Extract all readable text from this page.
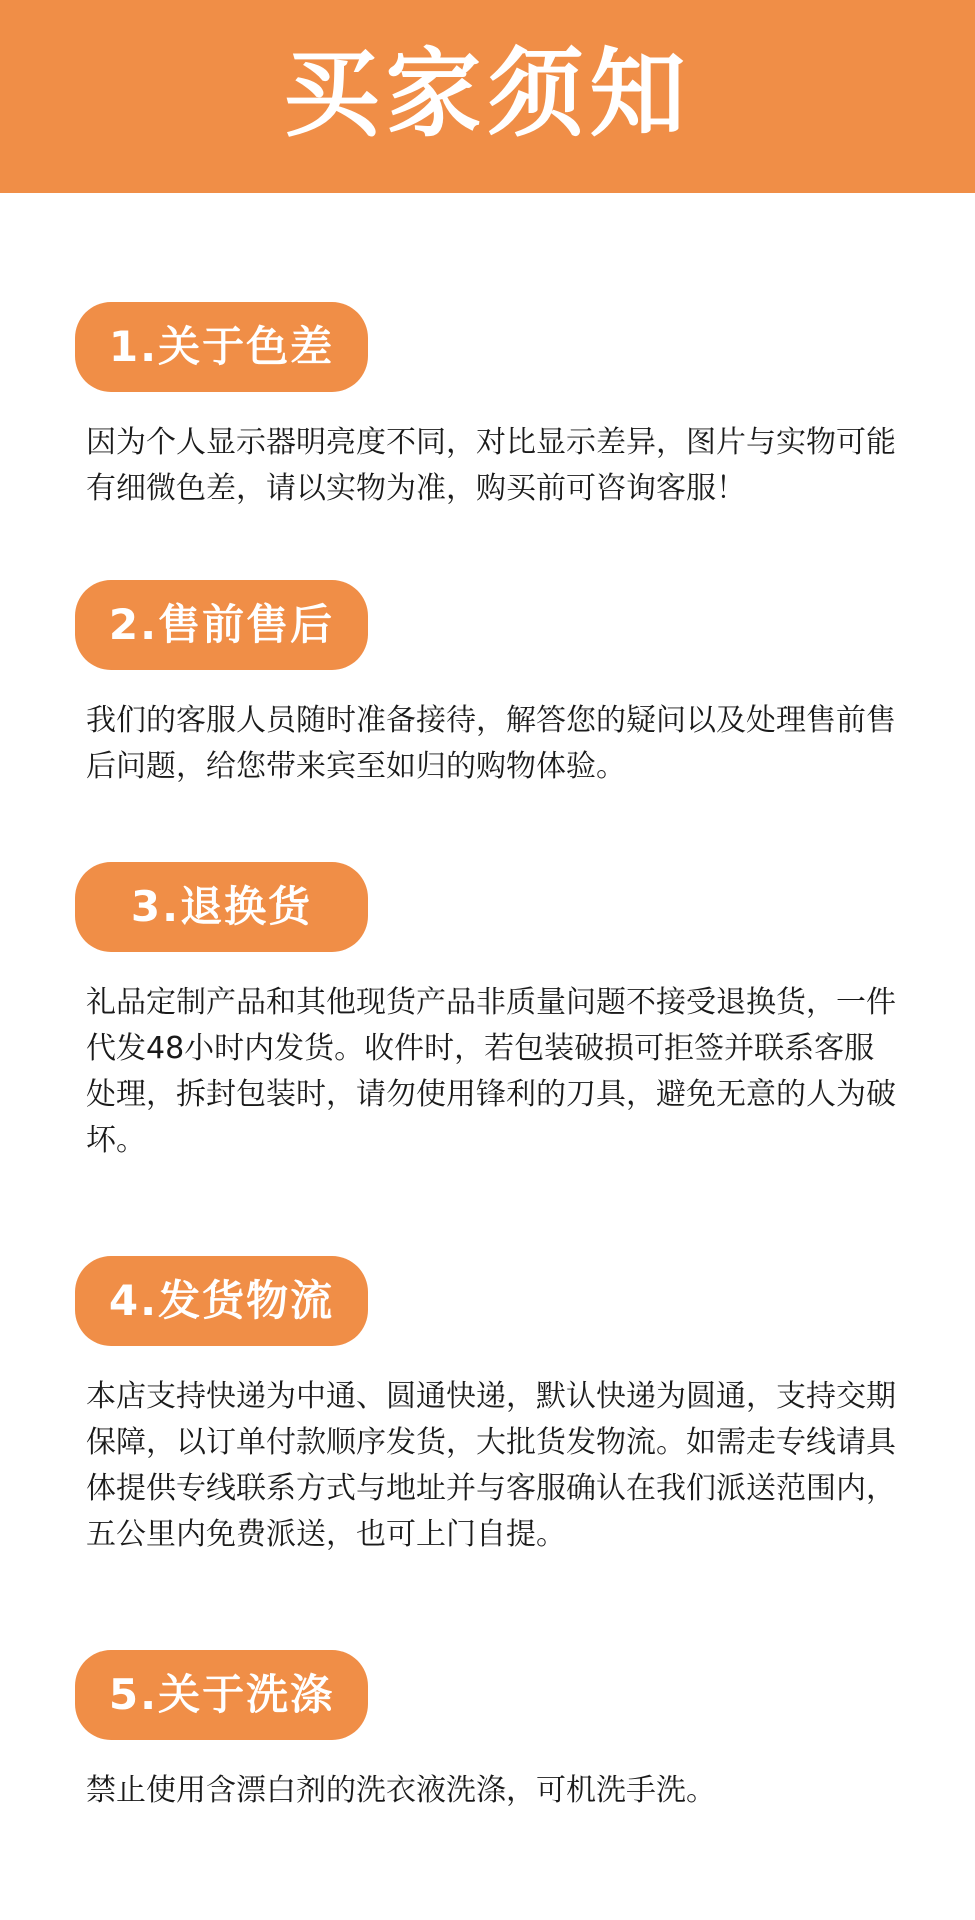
买家须知
1.关于色差

因为个人显示器明亮度不同，对比显示差异，图片与实物可能有细微色差，请以实物为准，购买前可咨询客服！

2.售前售后

我们的客服人员随时准备接待，解答您的疑问以及处理售前售后问题，给您带来宾至如归的购物体验。

3.退换货

礼品定制产品和其他现货产品非质量问题不接受退换货，一件代发48小时内发货。收件时，若包装破损可拒签并联系客服处理，拆封包装时，请勿使用锋利的刀具，避免无意的人为破坏。

4.发货物流

本店支持快递为中通、圆通快递，默认快递为圆通，支持交期保障，以订单付款顺序发货，大批货发物流。如需走专线请具体提供专线联系方式与地址并与客服确认在我们派送范围内，五公里内免费派送，也可上门自提。

5.关于洗涤

禁止使用含漂白剂的洗衣液洗涤，可机洗手洗。
